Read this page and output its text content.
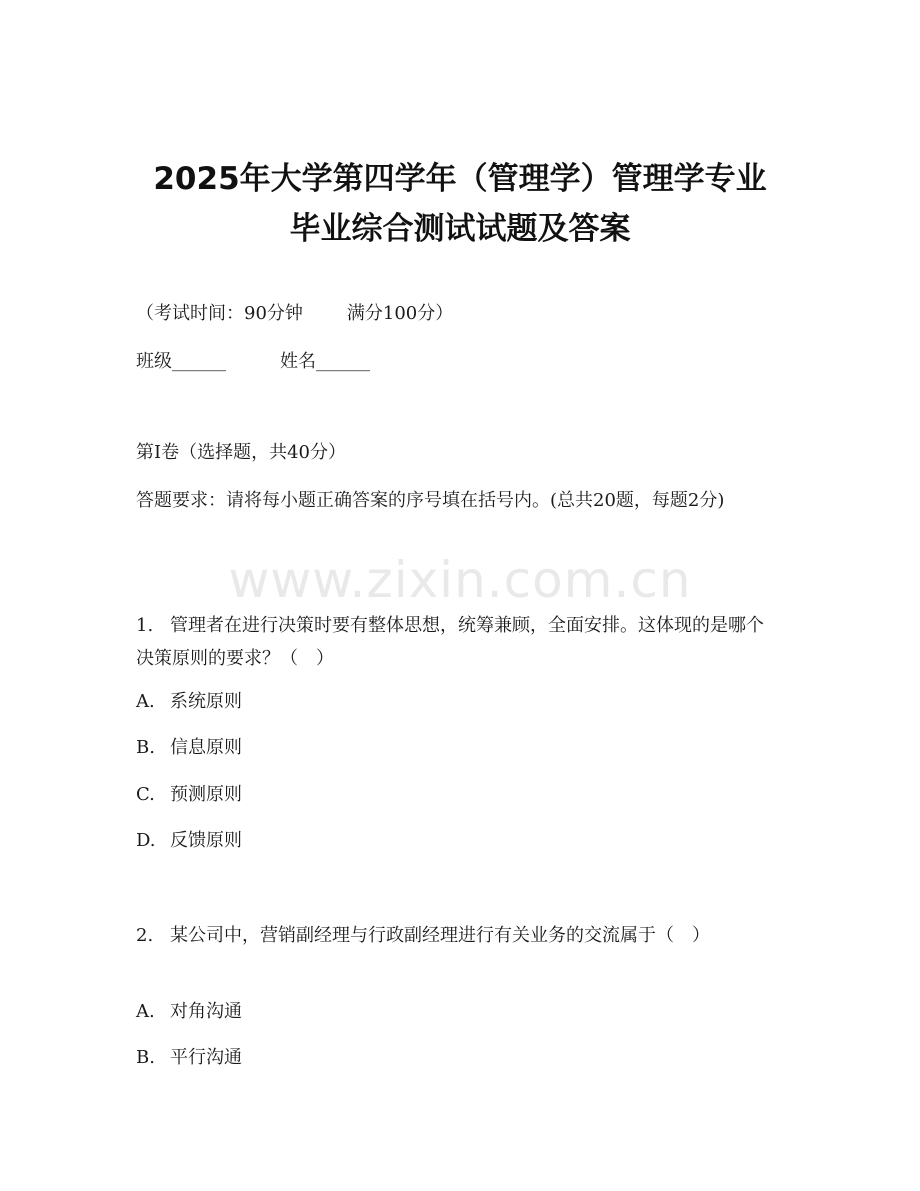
2025年大学第四学年（管理学）管理学专业
毕业综合测试试题及答案
（考试时间：90分钟 满分100分）
班级______	姓名______
第I卷（选择题，共40分）
答题要求：请将每小题正确答案的序号填在括号内。(总共20题，每题2分)
www.zixin.com.cn
1. 管理者在进行决策时要有整体思想，统筹兼顾，全面安排。这体现的是哪个决策原则的要求？（　）
A. 系统原则
B. 信息原则
C. 预测原则
D. 反馈原则
2. 某公司中，营销副经理与行政副经理进行有关业务的交流属于（　）
A. 对角沟通
B. 平行沟通
